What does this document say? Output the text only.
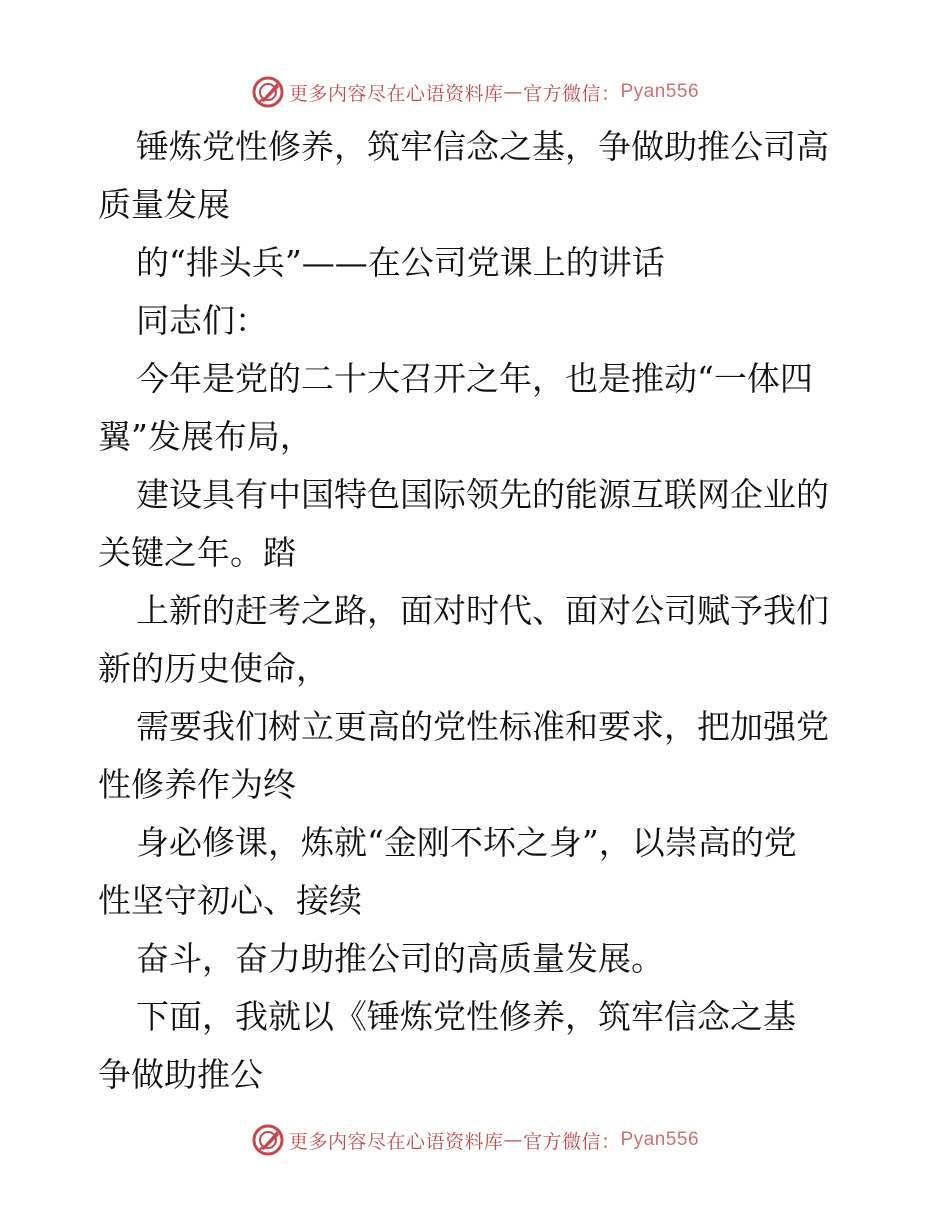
更多内容尽在心语资料库 — 官方微信： Pyan556
锤炼党性修养，筑牢信念之基，争做助推公司高
质量发展
的“排头兵”——在公司党课上的讲话
同志们：
今年是党的二十大召开之年，也是推动“一体四
翼”发展布局，
建设具有中国特色国际领先的能源互联网企业的
关键之年。踏
上新的赶考之路，面对时代、面对公司赋予我们
新的历史使命，
需要我们树立更高的党性标准和要求，把加强党
性修养作为终
身必修课，炼就“金刚不坏之身”，以崇高的党
性坚守初心、接续
奋斗，奋力助推公司的高质量发展。
下面，我就以《锤炼党性修养，筑牢信念之基
争做助推公
更多内容尽在心语资料库 — 官方微信： Pyan556
